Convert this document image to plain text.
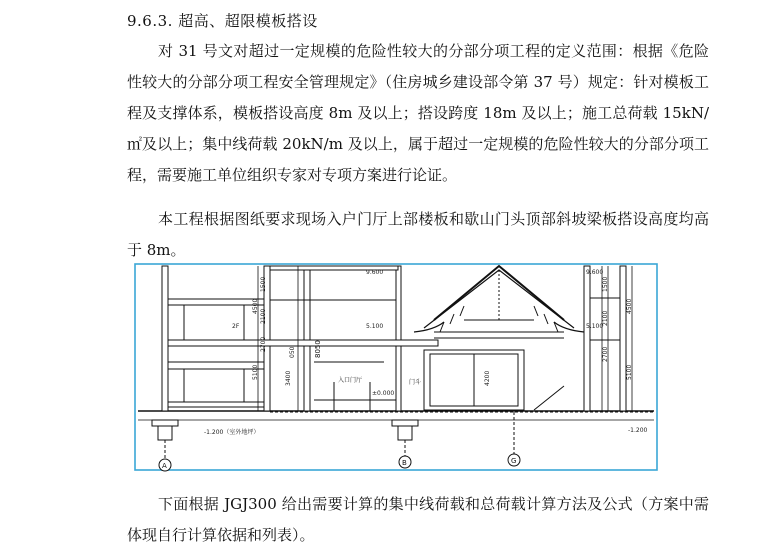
9.6.3. 超高、超限模板搭设

对 31 号文对超过一定规模的危险性较大的分部分项工程的定义范围：根据《危险性较大的分部分项工程安全管理规定》（住房城乡建设部令第 37 号）规定：针对模板工程及支撑体系，模板搭设高度 8m 及以上；搭设跨度 18m 及以上；施工总荷载 15kN/㎡及以上；集中线荷载 20kN/m 及以上，属于超过一定规模的危险性较大的分部分项工程，需要施工单位组织专家对专项方案进行论证。

本工程根据图纸要求现场入户门厅上部楼板和歇山门头顶部斜坡梁板搭设高度均高于 8m。

9.600	9.600
5.100	5.100
±0.000
-1.200（室外地坪）	-1.200
入口门厅	门斗
2F
4500
5100
2700
2100
1500
3400
8050
050
4200
4500
5100
2700
2100
1500
A	B	G

下面根据 JGJ300 给出需要计算的集中线荷载和总荷载计算方法及公式（方案中需体现自行计算依据和列表）。
